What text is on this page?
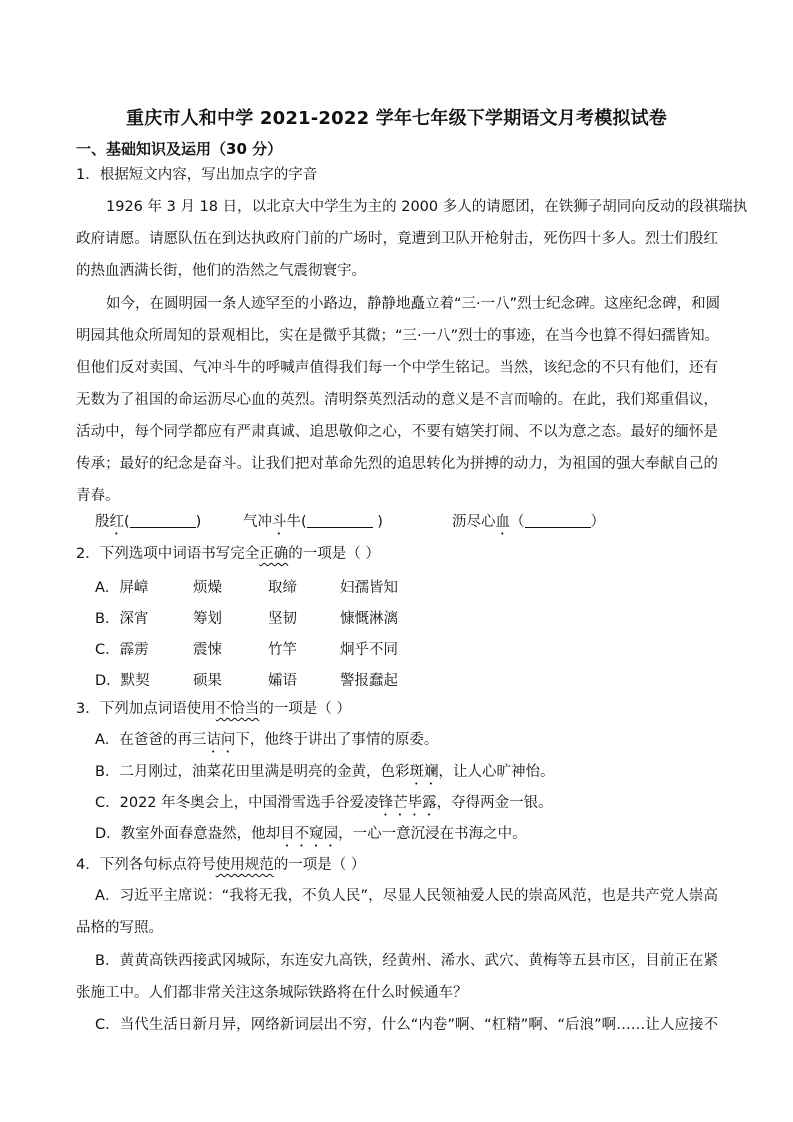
重庆市人和中学 2021-2022 学年七年级下学期语文月考模拟试卷
一、基础知识及运用（30 分）
1．根据短文内容，写出加点字的字音
1926 年 3 月 18 日，以北京大中学生为主的 2000 多人的请愿团，在铁狮子胡同向反动的段祺瑞执
政府请愿。请愿队伍在到达执政府门前的广场时，竟遭到卫队开枪射击，死伤四十多人。烈士们殷红
的热血洒满长街，他们的浩然之气震彻寰宇。
如今，在圆明园一条人迹罕至的小路边，静静地矗立着“三·一八”烈士纪念碑。这座纪念碑，和圆
明园其他众所周知的景观相比，实在是微乎其微；“三·一八”烈士的事迹，在当今也算不得妇孺皆知。
但他们反对卖国、气冲斗牛的呼喊声值得我们每一个中学生铭记。当然，该纪念的不只有他们，还有
无数为了祖国的命运沥尽心血的英烈。清明祭英烈活动的意义是不言而喻的。在此，我们郑重倡议，
活动中，每个同学都应有严肃真诚、追思敬仰之心，不要有嬉笑打闹、不以为意之态。最好的缅怀是
传承；最好的纪念是奋斗。让我们把对革命先烈的追思转化为拼搏的动力，为祖国的强大奉献自己的
青春。
殷红(	)	气冲斗牛(	)	沥尽心血（	）
2．下列选项中词语书写完全正确的一项是（ ）
A．屏嶂	烦燥	取缔	妇孺皆知
B．深宵	筹划	坚韧	慷慨淋漓
C．霹雳	震悚	竹竿	炯乎不同
D．默契	硕果	孀语	警报蠢起
3．下列加点词语使用不恰当的一项是（ ）
A．在爸爸的再三诘问下，他终于讲出了事情的原委。
B．二月刚过，油菜花田里满是明亮的金黄，色彩斑斓，让人心旷神怡。
C．2022 年冬奥会上，中国滑雪选手谷爱凌锋芒毕露，夺得两金一银。
D．教室外面春意盎然，他却目不窥园，一心一意沉浸在书海之中。
4．下列各句标点符号使用规范的一项是（ ）
A．习近平主席说：“我将无我，不负人民”，尽显人民领袖爱人民的崇高风范，也是共产党人崇高
品格的写照。
B．黄黄高铁西接武冈城际，东连安九高铁，经黄州、浠水、武穴、黄梅等五县市区，目前正在紧
张施工中。人们都非常关注这条城际铁路将在什么时候通车？
C．当代生活日新月异，网络新词层出不穷，什么“内卷”啊、“杠精”啊、“后浪”啊……让人应接不
